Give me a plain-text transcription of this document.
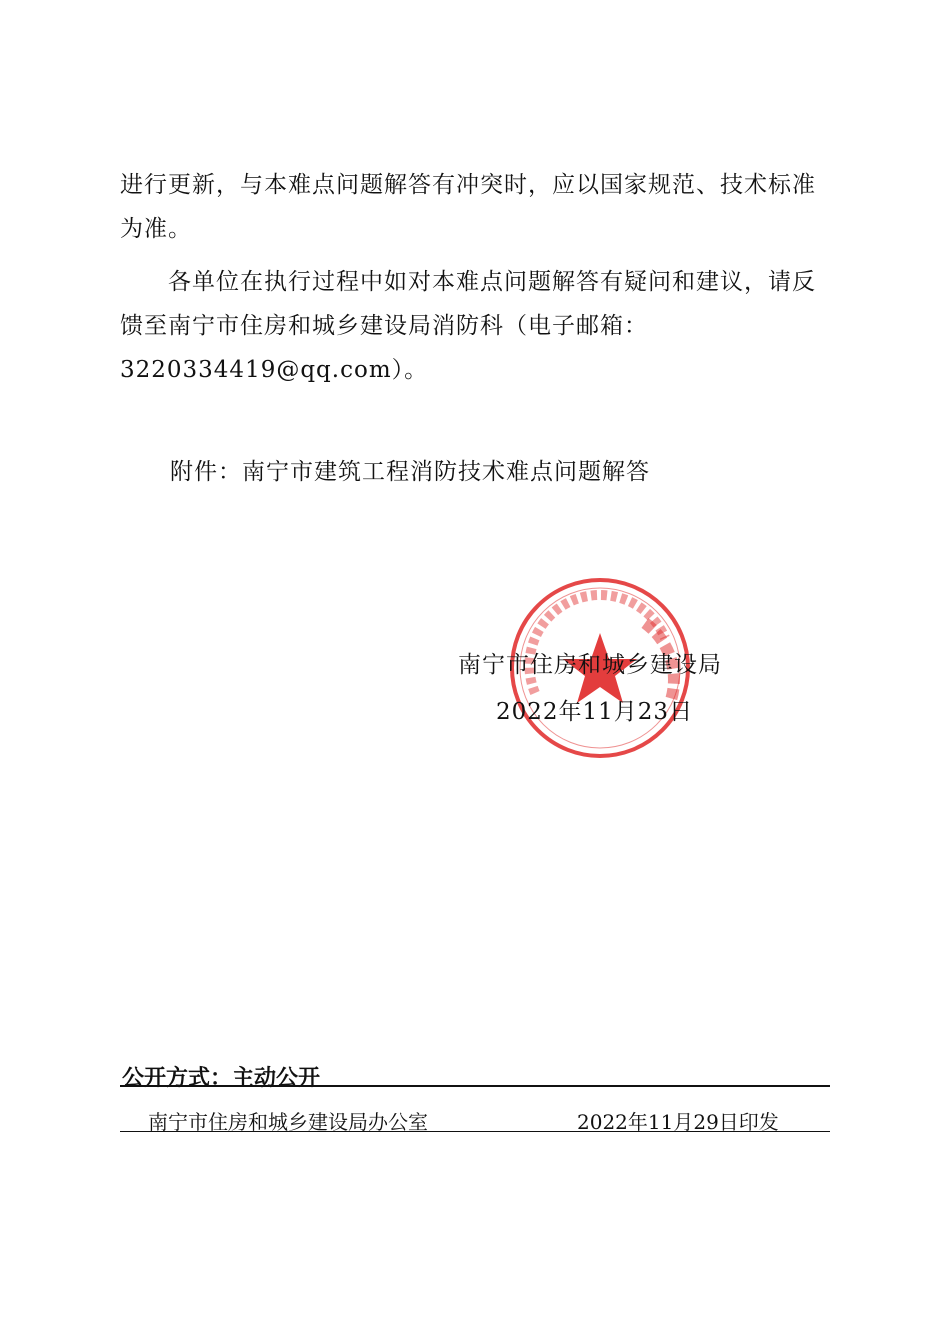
进行更新，与本难点问题解答有冲突时，应以国家规范、技术标准为准。

各单位在执行过程中如对本难点问题解答有疑问和建议，请反馈至南宁市住房和城乡建设局消防科（电子邮箱：3220334419@qq.com）。

附件：南宁市建筑工程消防技术难点问题解答
南宁市住房和城乡建设局
2022年11月23日
公开方式：主动公开
南宁市住房和城乡建设局办公室	2022年11月29日印发
